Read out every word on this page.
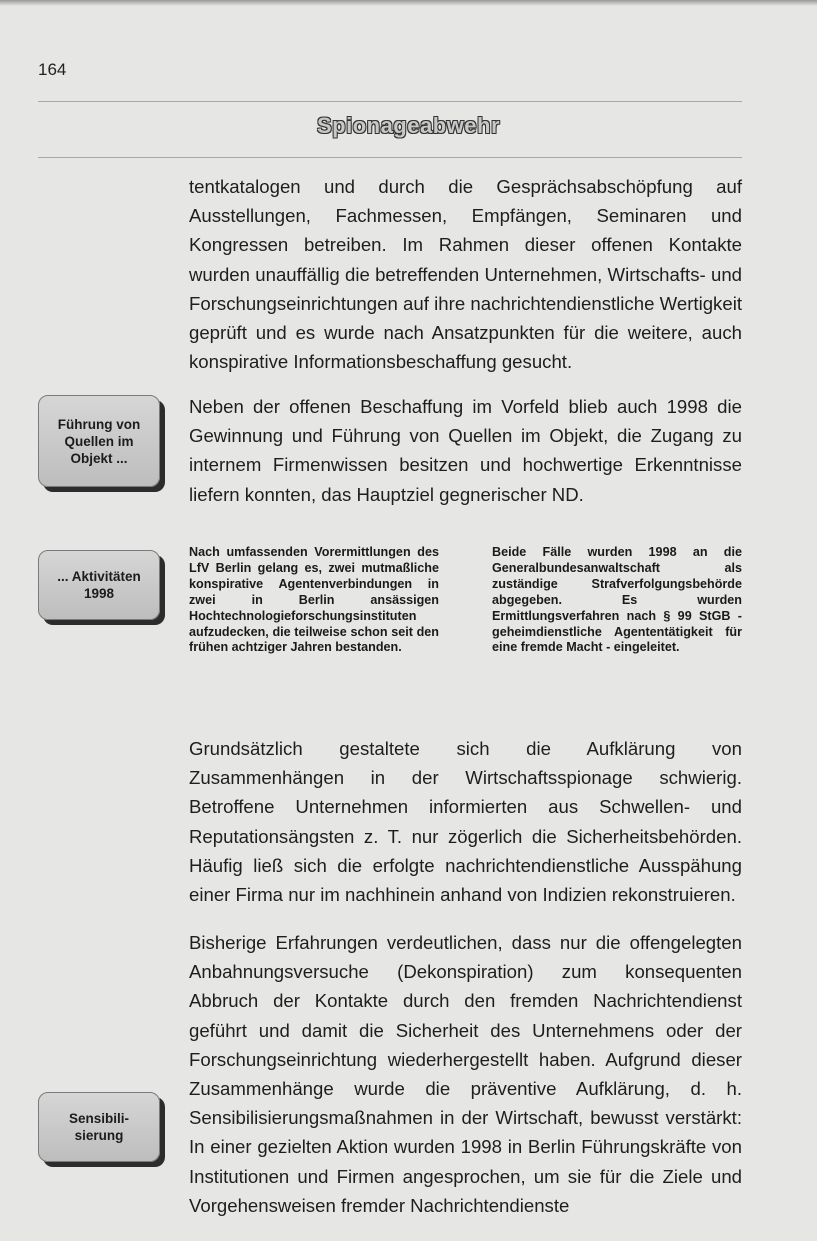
164
Spionageabwehr

tentkatalogen und durch die Gesprächsabschöpfung auf Ausstellungen, Fachmessen, Empfängen, Seminaren und Kongressen betreiben. Im Rahmen dieser offenen Kontakte wurden unauffällig die betreffenden Unternehmen, Wirtschafts- und Forschungseinrichtungen auf ihre nachrichtendienstliche Wertigkeit geprüft und es wurde nach Ansatzpunkten für die weitere, auch konspirative Informationsbeschaffung gesucht.

Führung von
Quellen im
Objekt ...

Neben der offenen Beschaffung im Vorfeld blieb auch 1998 die Gewinnung und Führung von Quellen im Objekt, die Zugang zu internem Firmenwissen besitzen und hochwertige Erkenntnisse liefern konnten, das Hauptziel gegnerischer ND.

... Aktivitäten
1998

Nach umfassenden Vorermittlungen des LfV Berlin gelang es, zwei mutmaßliche konspirative Agentenverbindungen in zwei in Berlin ansässigen Hochtechnologieforschungsinstituten aufzudecken, die teilweise schon seit den frühen achtziger Jahren bestanden.

Beide Fälle wurden 1998 an die Generalbundesanwaltschaft als zuständige Strafverfolgungsbehörde abgegeben. Es wurden Ermittlungsverfahren nach § 99 StGB - geheimdienstliche Agententätigkeit für eine fremde Macht - eingeleitet.

Grundsätzlich gestaltete sich die Aufklärung von Zusammenhängen in der Wirtschaftsspionage schwierig. Betroffene Unternehmen informierten aus Schwellen- und Reputationsängsten z. T. nur zögerlich die Sicherheitsbehörden. Häufig ließ sich die erfolgte nachrichtendienstliche Ausspähung einer Firma nur im nachhinein anhand von Indizien rekonstruieren.

Bisherige Erfahrungen verdeutlichen, dass nur die offengelegten Anbahnungsversuche (Dekonspiration) zum konsequenten Abbruch der Kontakte durch den fremden Nachrichtendienst geführt und damit die Sicherheit des Unternehmens oder der Forschungseinrichtung wiederhergestellt haben. Aufgrund dieser Zusammenhänge wurde die präventive Aufklärung, d. h. Sensibilisierungsmaßnahmen in der Wirtschaft, bewusst verstärkt: In einer gezielten Aktion wurden 1998 in Berlin Führungskräfte von Institutionen und Firmen angesprochen, um sie für die Ziele und Vorgehensweisen fremder Nachrichtendienste

Sensibili-
sierung
